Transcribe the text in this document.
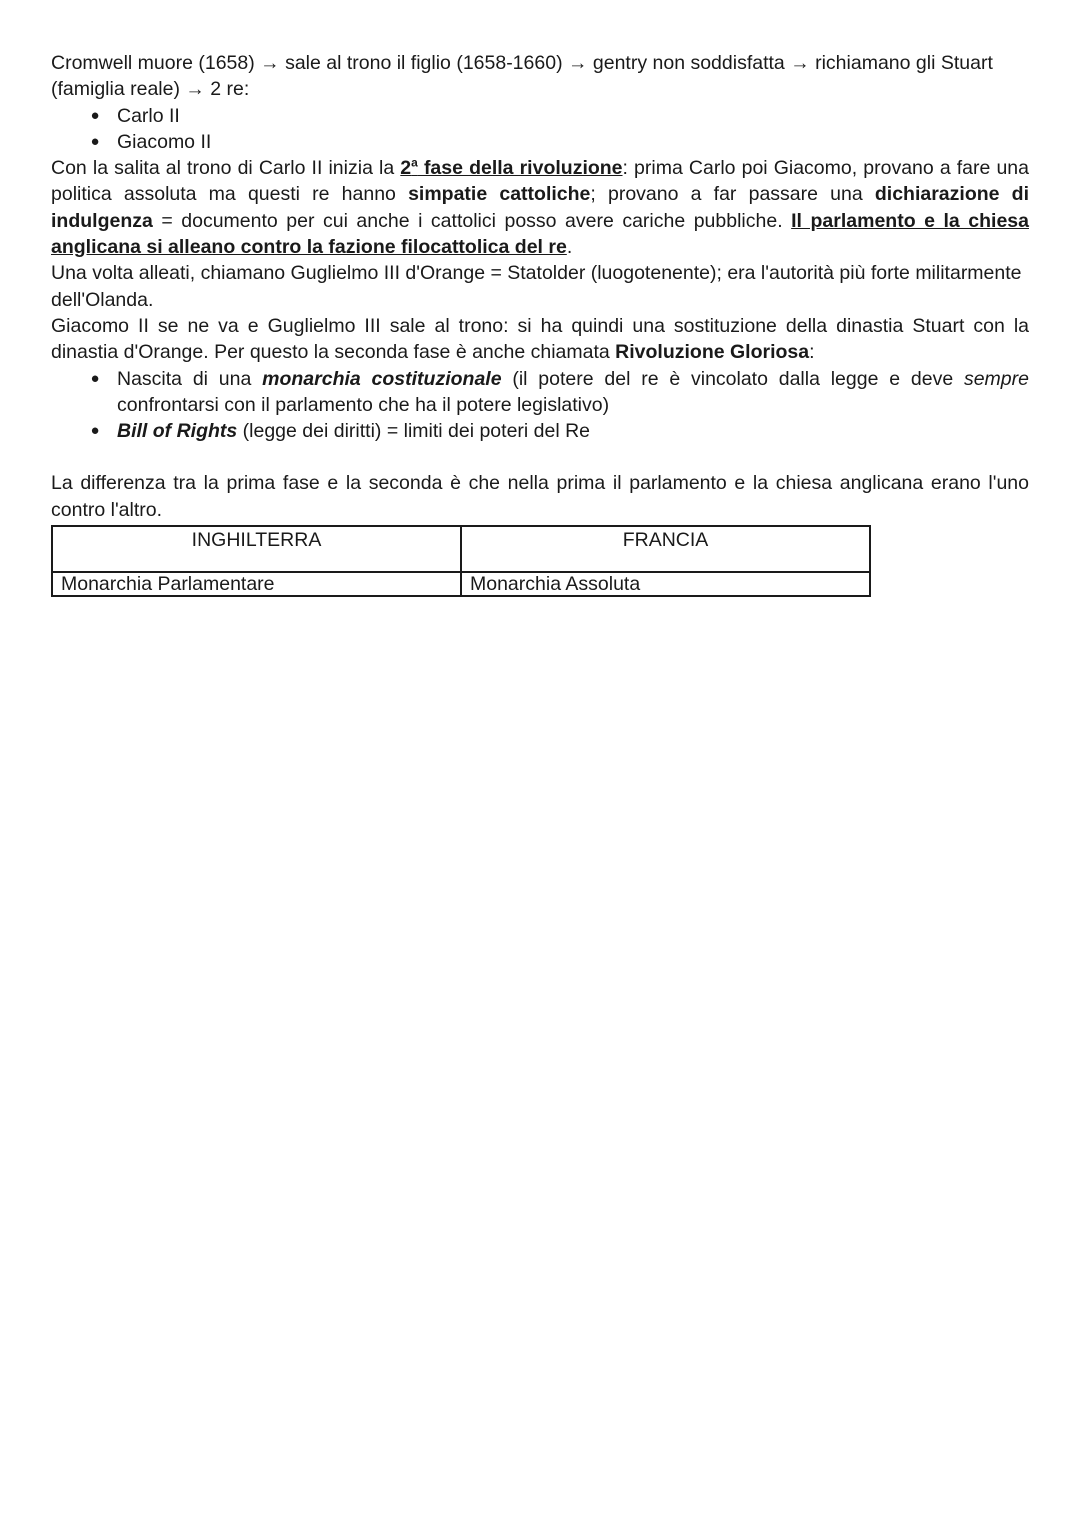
Cromwell muore (1658) → sale al trono il figlio (1658-1660) → gentry non soddisfatta → richiamano gli Stuart
(famiglia reale) → 2 re:

● Carlo II
● Giacomo II

Con la salita al trono di Carlo II inizia la 2$^a$ fase della rivoluzione: prima Carlo poi Giacomo, provano a fare una politica assoluta ma questi re hanno simpatie cattoliche; provano a far passare una dichiarazione di indulgenza = documento per cui anche i cattolici posso avere cariche pubbliche. Il parlamento e la chiesa anglicana si alleano contro la fazione filocattolica del re.

Una volta alleati, chiamano Guglielmo III d'Orange = Statolder (luogotenente); era l'autorità più forte militarmente dell'Olanda.

Giacomo II se ne va e Guglielmo III sale al trono: si ha quindi una sostituzione della dinastia Stuart con la dinastia d'Orange. Per questo la seconda fase è anche chiamata Rivoluzione Gloriosa:

● Nascita di una monarchia costituzionale (il potere del re è vincolato dalla legge e deve sempre confrontarsi con il parlamento che ha il potere legislativo)
● Bill of Rights (legge dei diritti) = limiti dei poteri del Re

La differenza tra la prima fase e la seconda è che nella prima il parlamento e la chiesa anglicana erano l'uno contro l'altro.

INGHILTERRA	FRANCIA
Monarchia Parlamentare	Monarchia Assoluta
